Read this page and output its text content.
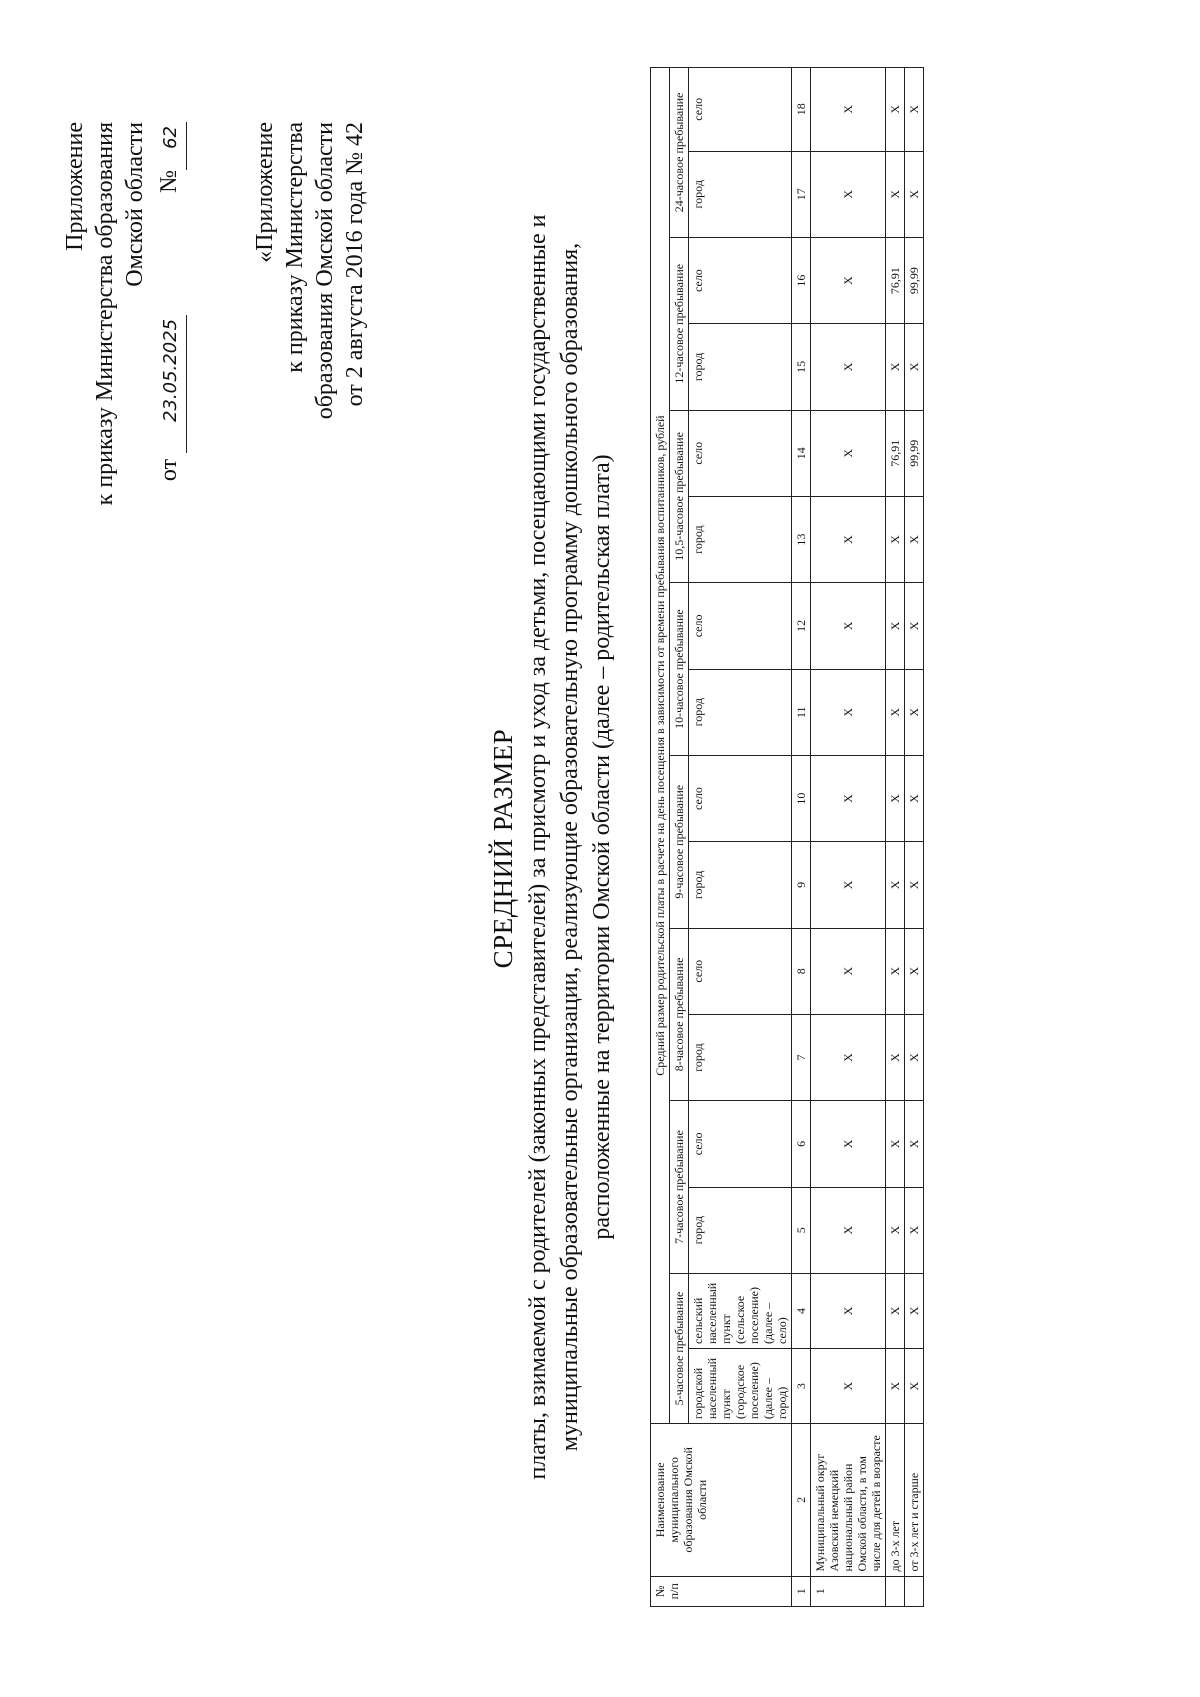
Приложение к приказу Министерства образования Омской области
от 23.05.2025  №62	«Приложение к приказу Министерства образования Омской области от 2 августа 2016 года № 42
СРЕДНИЙ РАЗМЕР платы, взимаемой с родителей (законных представителей) за присмотр и уход за детьми, посещающими государственные и муниципальные образовательные организации, реализующие образовательную программу дошкольного образования, расположенные на территории Омской области (далее – родительская плата)
№ п/п	Наименование муниципального образования Омской области	Средний размер родительской платы в расчете на день посещения в зависимости от времени пребывания воспитанников, рублей															
		5-часовое пребывание		7-часовое пребывание		8-часовое пребывание		9-часовое пребывание		10-часовое пребывание		10,5-часовое пребывание		12-часовое пребывание		24-часовое пребывание	
		городской населенный пункт (городское поселение) (далее – город)	сельский населенный пункт (сельское поселение) (далее – село)	город	село	город	село	город	село	город	село	город	село	город	село	город	село
1	2	3	4	5	6	7	8	9	10	11	12	13	14	15	16	17	18
1	Муниципальный округ Азовский немецкий национальный район Омской области, в том числе для детей в возрасте	X	X	X	X	X	X	X	X	X	X	X	X	X	X	X	X
	до 3-х лет	X	X	X	X	X	X	X	X	X	X	X	76,91	X	76,91	X	X
	от 3-х лет и старше	X	X	X	X	X	X	X	X	X	X	X	99,99	X	99,99	X	X
